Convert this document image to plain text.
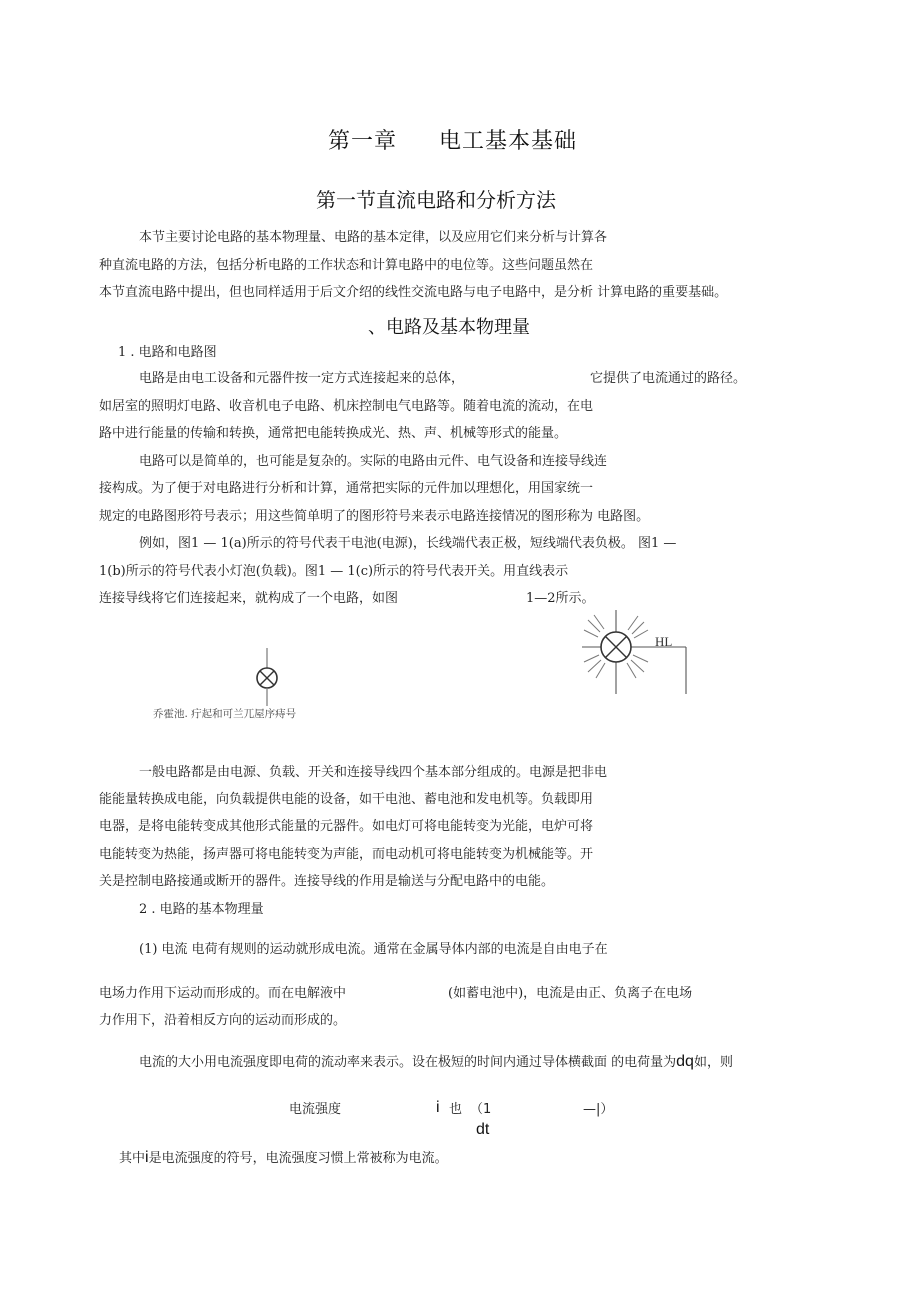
第一章 电工基本基础
第一节直流电路和分析方法
本节主要讨论电路的基本物理量、电路的基本定律，以及应用它们来分析与计算各
种直流电路的方法，包括分析电路的工作状态和计算电路中的电位等。这些问题虽然在
本节直流电路中提出，但也同样适用于后文介绍的线性交流电路与电子电路中，是分析 计算电路的重要基础。
、电路及基本物理量
1 . 电路和电路图
电路是由电工设备和元器件按一定方式连接起来的总体，	它提供了电流通过的路径。
如居室的照明灯电路、收音机电子电路、机床控制电气电路等。随着电流的流动，在电
路中进行能量的传输和转换，通常把电能转换成光、热、声、机械等形式的能量。
电路可以是简单的，也可能是复杂的。实际的电路由元件、电气设备和连接导线连
接构成。为了便于对电路进行分析和计算，通常把实际的元件加以理想化，用国家统一
规定的电路图形符号表示；用这些简单明了的图形符号来表示电路连接情况的图形称为 电路图。
例如，图1 — 1(a)所示的符号代表干电池(电源)，长线端代表正极，短线端代表负极。 图1 —
1(b)所示的符号代表小灯泡(负载)。图1 — 1(c)所示的符号代表开关。用直线表示
连接导线将它们连接起来，就构成了一个电路，如图	1—2所示。
乔霍池. 疔起和可兰兀屋序痔号
HL
一般电路都是由电源、负载、开关和连接导线四个基本部分组成的。电源是把非电
能能量转换成电能，向负载提供电能的设备，如干电池、蓄电池和发电机等。负载即用
电器，是将电能转变成其他形式能量的元器件。如电灯可将电能转变为光能，电炉可将
电能转变为热能，扬声器可将电能转变为声能，而电动机可将电能转变为机械能等。开
关是控制电路接通或断开的器件。连接导线的作用是输送与分配电路中的电能。
2 . 电路的基本物理量
(1) 电流 电荷有规则的运动就形成电流。通常在金属导体内部的电流是自由电子在
电场力作用下运动而形成的。而在电解液中	(如蓄电池中)，电流是由正、负离子在电场
力作用下，沿着相反方向的运动而形成的。
电流的大小用电流强度即电荷的流动率来表示。设在极短的时间内通过导体横截面 的电荷量为dq如，则
电流强度	i 也 （1	—|）
dt
其中i是电流强度的符号，电流强度习惯上常被称为电流。
